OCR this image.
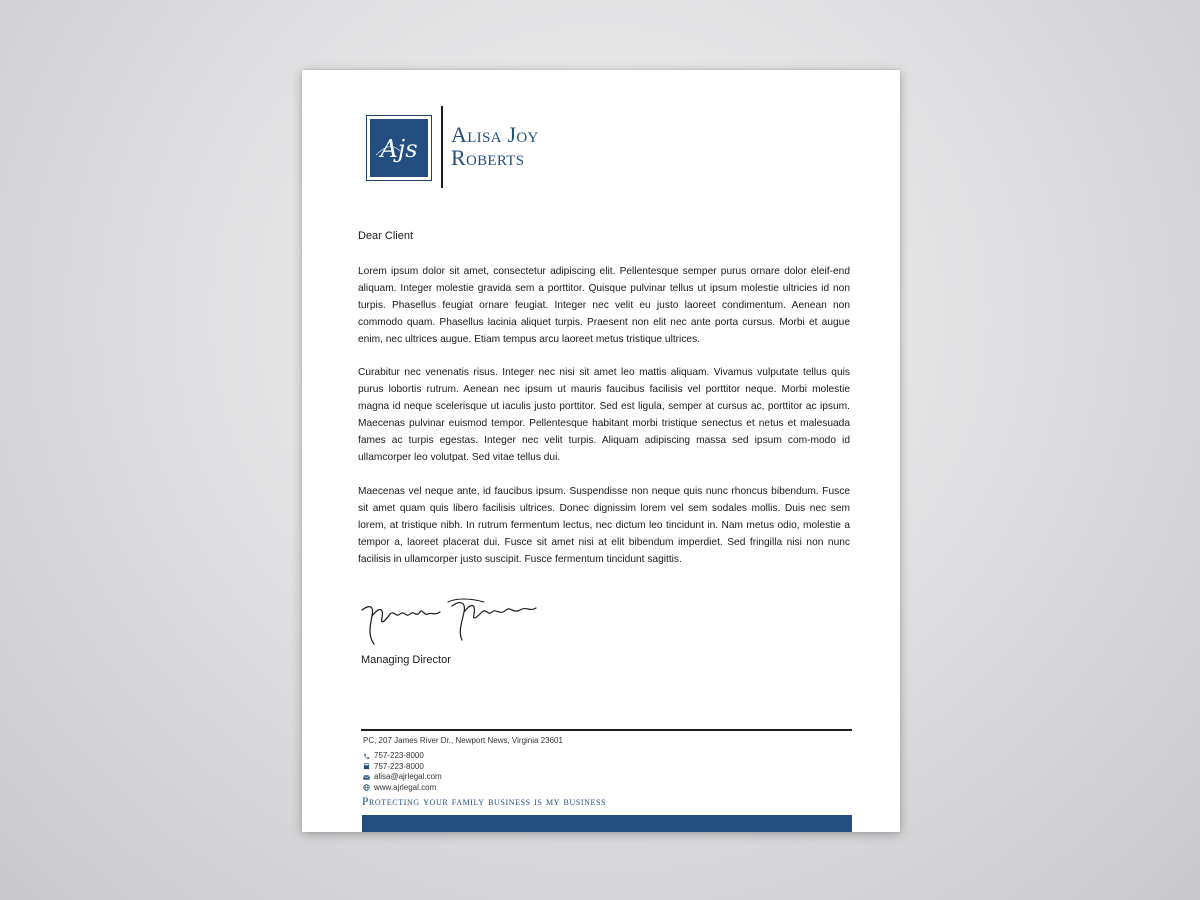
Ajs
Alisa Joy
Roberts
Dear Client

Lorem ipsum dolor sit amet, consectetur adipiscing elit. Pellentesque semper purus ornare dolor eleif-end aliquam. Integer molestie gravida sem a porttitor. Quisque pulvinar tellus ut ipsum molestie ultricies id non turpis. Phasellus feugiat ornare feugiat. Integer nec velit eu justo laoreet condimentum. Aenean non commodo quam. Phasellus lacinia aliquet turpis. Praesent non elit nec ante porta cursus. Morbi et augue enim, nec ultrices augue. Etiam tempus arcu laoreet metus tristique ultrices.

Curabitur nec venenatis risus. Integer nec nisi sit amet leo mattis aliquam. Vivamus vulputate tellus quis purus lobortis rutrum. Aenean nec ipsum ut mauris faucibus facilisis vel porttitor neque. Morbi molestie magna id neque scelerisque ut iaculis justo porttitor. Sed est ligula, semper at cursus ac, porttitor ac ipsum. Maecenas pulvinar euismod tempor. Pellentesque habitant morbi tristique senectus et netus et malesuada fames ac turpis egestas. Integer nec velit turpis. Aliquam adipiscing massa sed ipsum com-modo id ullamcorper leo volutpat. Sed vitae tellus dui.

Maecenas vel neque ante, id faucibus ipsum. Suspendisse non neque quis nunc rhoncus bibendum. Fusce sit amet quam quis libero facilisis ultrices. Donec dignissim lorem vel sem sodales mollis. Duis nec sem lorem, at tristique nibh. In rutrum fermentum lectus, nec dictum leo tincidunt in. Nam metus odio, molestie a tempor a, laoreet placerat dui. Fusce sit amet nisi at elit bibendum imperdiet. Sed fringilla nisi non nunc facilisis in ullamcorper justo suscipit. Fusce fermentum tincidunt sagittis.

Managing Director
PC, 207 James River Dr., Newport News, Virginia 23601
757-223-8000
757-223-8000
alisa@ajrlegal.com
www.ajrlegal.com
Protecting your family business is my business
